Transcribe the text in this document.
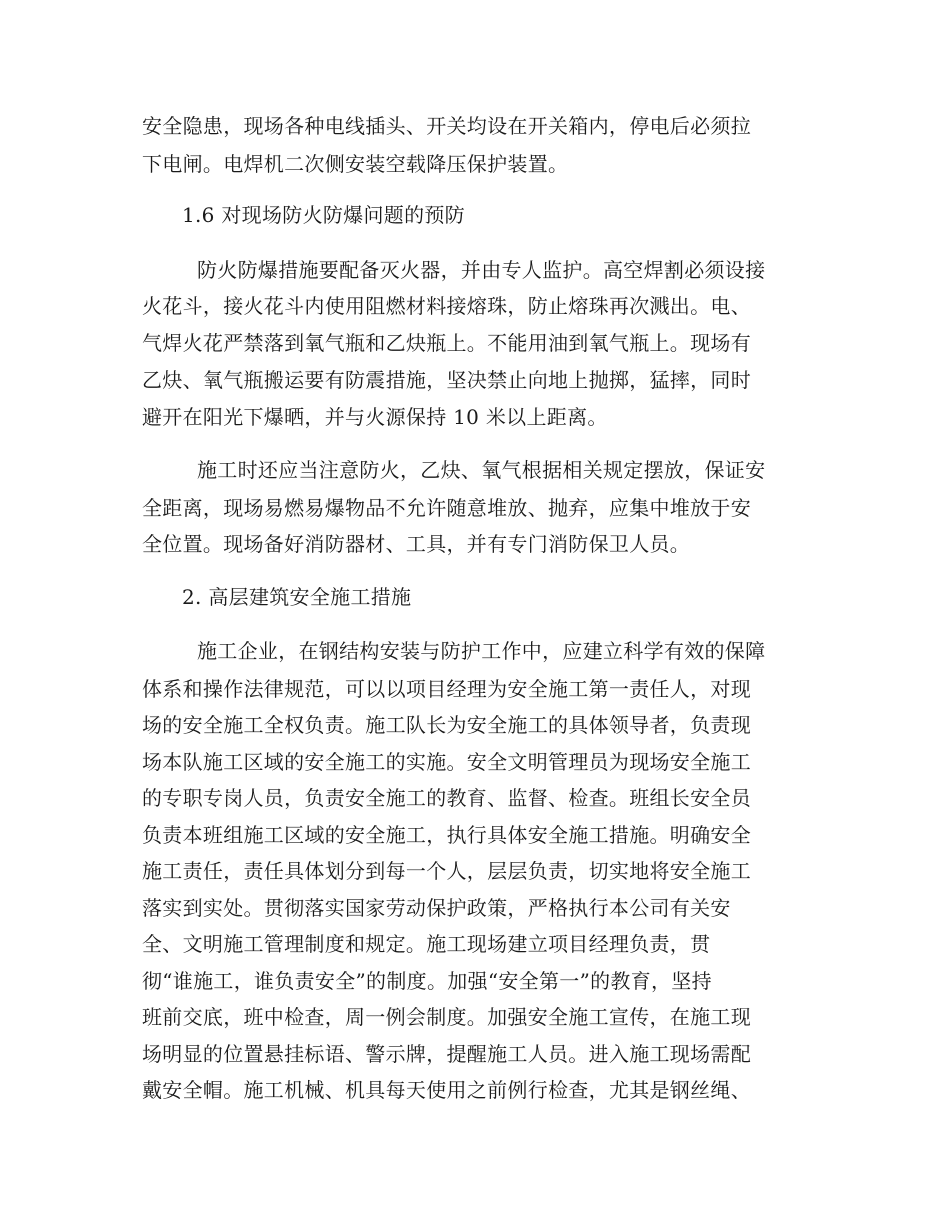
安全隐患，现场各种电线插头、开关均设在开关箱内，停电后必须拉
下电闸。电焊机二次侧安装空载降压保护装置。
1.6 对现场防火防爆问题的预防
防火防爆措施要配备灭火器，并由专人监护。高空焊割必须设接
火花斗，接火花斗内使用阻燃材料接熔珠，防止熔珠再次溅出。电、
气焊火花严禁落到氧气瓶和乙炔瓶上。不能用油到氧气瓶上。现场有
乙炔、氧气瓶搬运要有防震措施，坚决禁止向地上抛掷，猛摔，同时
避开在阳光下爆晒，并与火源保持 10 米以上距离。
施工时还应当注意防火，乙炔、氧气根据相关规定摆放，保证安
全距离，现场易燃易爆物品不允许随意堆放、抛弃，应集中堆放于安
全位置。现场备好消防器材、工具，并有专门消防保卫人员。
2. 高层建筑安全施工措施
施工企业，在钢结构安装与防护工作中，应建立科学有效的保障
体系和操作法律规范，可以以项目经理为安全施工第一责任人，对现
场的安全施工全权负责。施工队长为安全施工的具体领导者，负责现
场本队施工区域的安全施工的实施。安全文明管理员为现场安全施工
的专职专岗人员，负责安全施工的教育、监督、检查。班组长安全员
负责本班组施工区域的安全施工，执行具体安全施工措施。明确安全
施工责任，责任具体划分到每一个人，层层负责，切实地将安全施工
落实到实处。贯彻落实国家劳动保护政策，严格执行本公司有关安
全、文明施工管理制度和规定。施工现场建立项目经理负责，贯
彻“谁施工，谁负责安全”的制度。加强“安全第一”的教育，坚持
班前交底，班中检查，周一例会制度。加强安全施工宣传，在施工现
场明显的位置悬挂标语、警示牌，提醒施工人员。进入施工现场需配
戴安全帽。施工机械、机具每天使用之前例行检查，尤其是钢丝绳、
